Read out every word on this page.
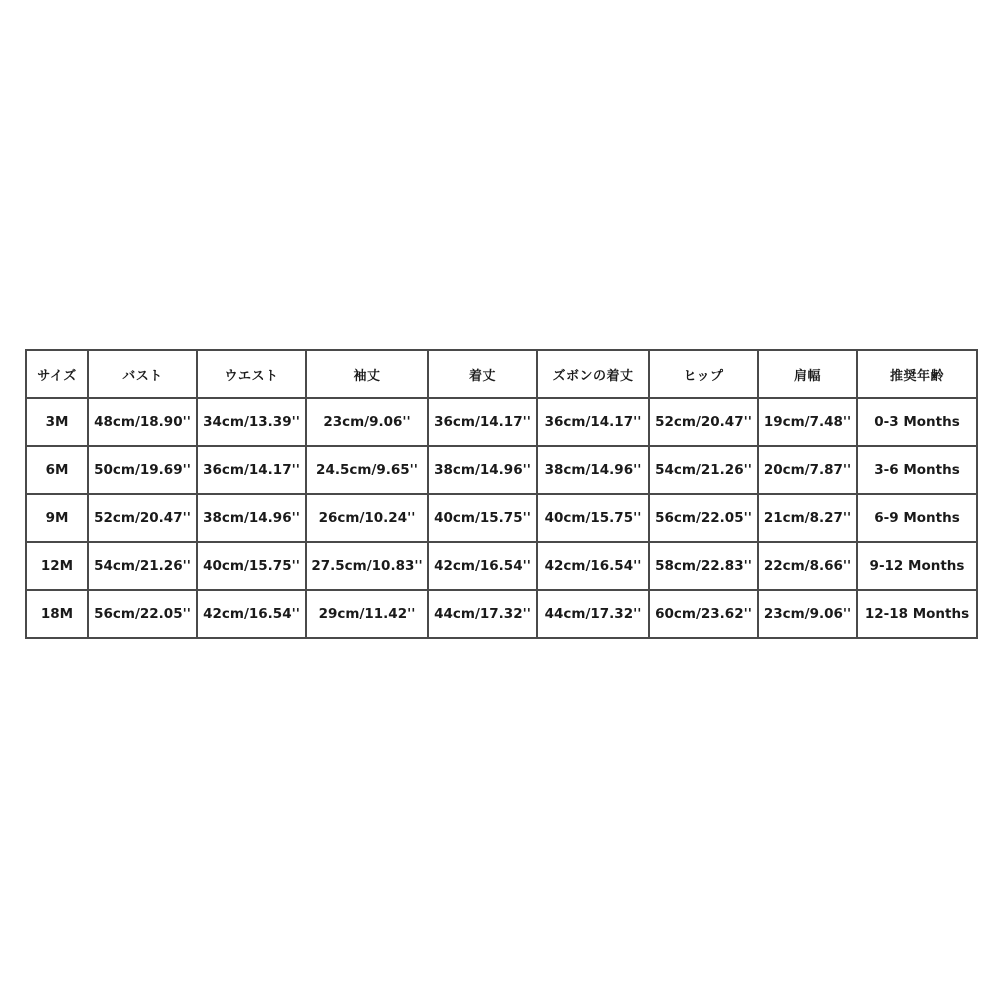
サイズ	バスト	ウエスト	袖丈	着丈	ズボンの着丈	ヒップ	肩幅	推奨年齢
3M	48cm/18.90''	34cm/13.39''	23cm/9.06''	36cm/14.17''	36cm/14.17''	52cm/20.47''	19cm/7.48''	0-3 Months
6M	50cm/19.69''	36cm/14.17''	24.5cm/9.65''	38cm/14.96''	38cm/14.96''	54cm/21.26''	20cm/7.87''	3-6 Months
9M	52cm/20.47''	38cm/14.96''	26cm/10.24''	40cm/15.75''	40cm/15.75''	56cm/22.05''	21cm/8.27''	6-9 Months
12M	54cm/21.26''	40cm/15.75''	27.5cm/10.83''	42cm/16.54''	42cm/16.54''	58cm/22.83''	22cm/8.66''	9-12 Months
18M	56cm/22.05''	42cm/16.54''	29cm/11.42''	44cm/17.32''	44cm/17.32''	60cm/23.62''	23cm/9.06''	12-18 Months
